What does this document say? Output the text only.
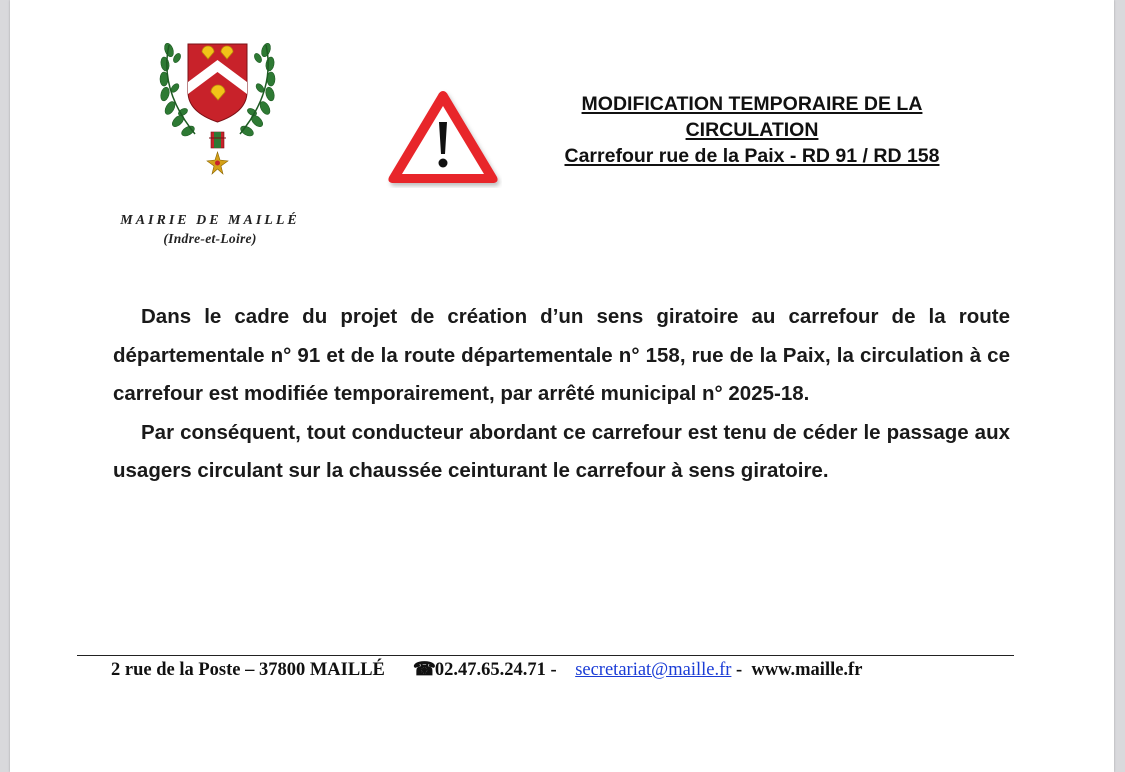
MAIRIE DE MAILLÉ
(Indre-et-Loire)
MODIFICATION TEMPORAIRE DE LA
CIRCULATION
Carrefour rue de la Paix - RD 91 / RD 158

Dans le cadre du projet de création d’un sens giratoire au carrefour de la route départementale n° 91 et de la route départementale n° 158, rue de la Paix, la circulation à ce carrefour est modifiée temporairement, par arrêté municipal n° 2025-18.

Par conséquent, tout conducteur abordant ce carrefour est tenu de céder le passage aux usagers circulant sur la chaussée ceinturant le carrefour à sens giratoire.

2 rue de la Poste – 37800 MAILLÉ ☎02.47.65.24.71 - secretariat@maille.fr - www.maille.fr
